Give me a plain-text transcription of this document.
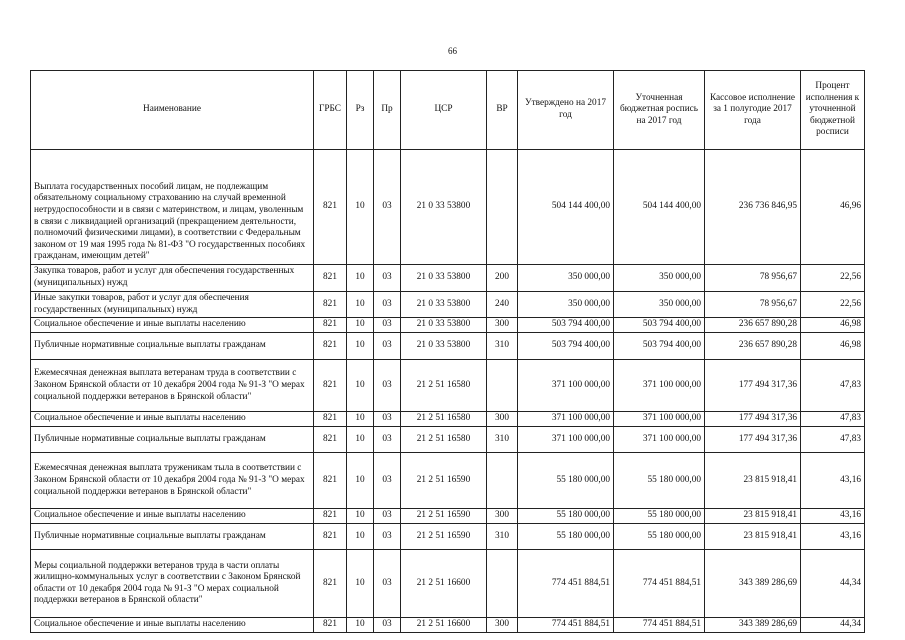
66
Наименование	ГРБС	Рз	Пр	ЦСР	ВР	Утверждено на 2017 год	Уточненная бюджетная роспись на 2017 год	Кассовое исполнение за 1 полугодие 2017 года	Процент исполнения к уточненной бюджетной росписи
Выплата государственных пособий лицам, не подлежащим обязательному социальному страхованию на случай временной нетрудоспособности и в связи с материнством, и лицам, уволенным в связи с ликвидацией организаций (прекращением деятельности, полномочий физическими лицами), в соответствии с Федеральным законом от 19 мая 1995 года № 81-ФЗ "О государственных пособиях гражданам, имеющим детей"	821	10	03	21 0 33 53800		504 144 400,00	504 144 400,00	236 736 846,95	46,96
Закупка товаров, работ и услуг для обеспечения государственных (муниципальных) нужд	821	10	03	21 0 33 53800	200	350 000,00	350 000,00	78 956,67	22,56
Иные закупки товаров, работ и услуг для обеспечения государственных (муниципальных) нужд	821	10	03	21 0 33 53800	240	350 000,00	350 000,00	78 956,67	22,56
Социальное обеспечение и иные выплаты населению	821	10	03	21 0 33 53800	300	503 794 400,00	503 794 400,00	236 657 890,28	46,98
Публичные нормативные социальные выплаты гражданам	821	10	03	21 0 33 53800	310	503 794 400,00	503 794 400,00	236 657 890,28	46,98
Ежемесячная денежная выплата ветеранам труда в соответствии с Законом Брянской области от 10 декабря 2004 года № 91-З "О мерах социальной поддержки ветеранов в Брянской области"	821	10	03	21 2 51 16580		371 100 000,00	371 100 000,00	177 494 317,36	47,83
Социальное обеспечение и иные выплаты населению	821	10	03	21 2 51 16580	300	371 100 000,00	371 100 000,00	177 494 317,36	47,83
Публичные нормативные социальные выплаты гражданам	821	10	03	21 2 51 16580	310	371 100 000,00	371 100 000,00	177 494 317,36	47,83
Ежемесячная денежная выплата труженикам тыла в соответствии с Законом Брянской области от 10 декабря 2004 года № 91-З "О мерах социальной поддержки ветеранов в Брянской области"	821	10	03	21 2 51 16590		55 180 000,00	55 180 000,00	23 815 918,41	43,16
Социальное обеспечение и иные выплаты населению	821	10	03	21 2 51 16590	300	55 180 000,00	55 180 000,00	23 815 918,41	43,16
Публичные нормативные социальные выплаты гражданам	821	10	03	21 2 51 16590	310	55 180 000,00	55 180 000,00	23 815 918,41	43,16
Меры социальной поддержки ветеранов труда в части оплаты жилищно-коммунальных услуг в соответствии с Законом Брянской области от 10 декабря 2004 года № 91-З "О мерах социальной поддержки ветеранов в Брянской области"	821	10	03	21 2 51 16600		774 451 884,51	774 451 884,51	343 389 286,69	44,34
Социальное обеспечение и иные выплаты населению	821	10	03	21 2 51 16600	300	774 451 884,51	774 451 884,51	343 389 286,69	44,34
